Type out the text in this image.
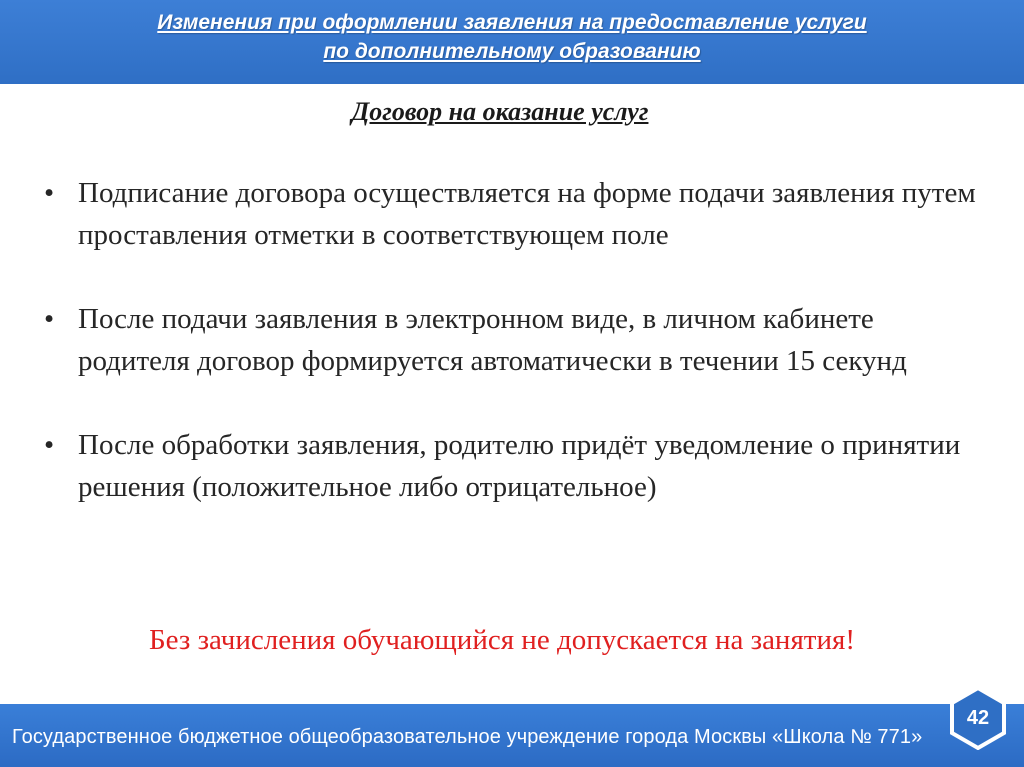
Изменения при оформлении заявления на предоставление услуги
по дополнительному образованию
Договор на оказание услуг
• Подписание договора осуществляется на форме подачи заявления путем проставления отметки в соответствующем поле
• После подачи заявления в электронном виде, в личном кабинете родителя договор формируется автоматически в течении 15 секунд
• После обработки заявления, родителю придёт уведомление о принятии решения (положительное либо отрицательное)
Без зачисления обучающийся не допускается на занятия!
Государственное бюджетное общеобразовательное учреждение города Москвы «Школа № 771»
42
